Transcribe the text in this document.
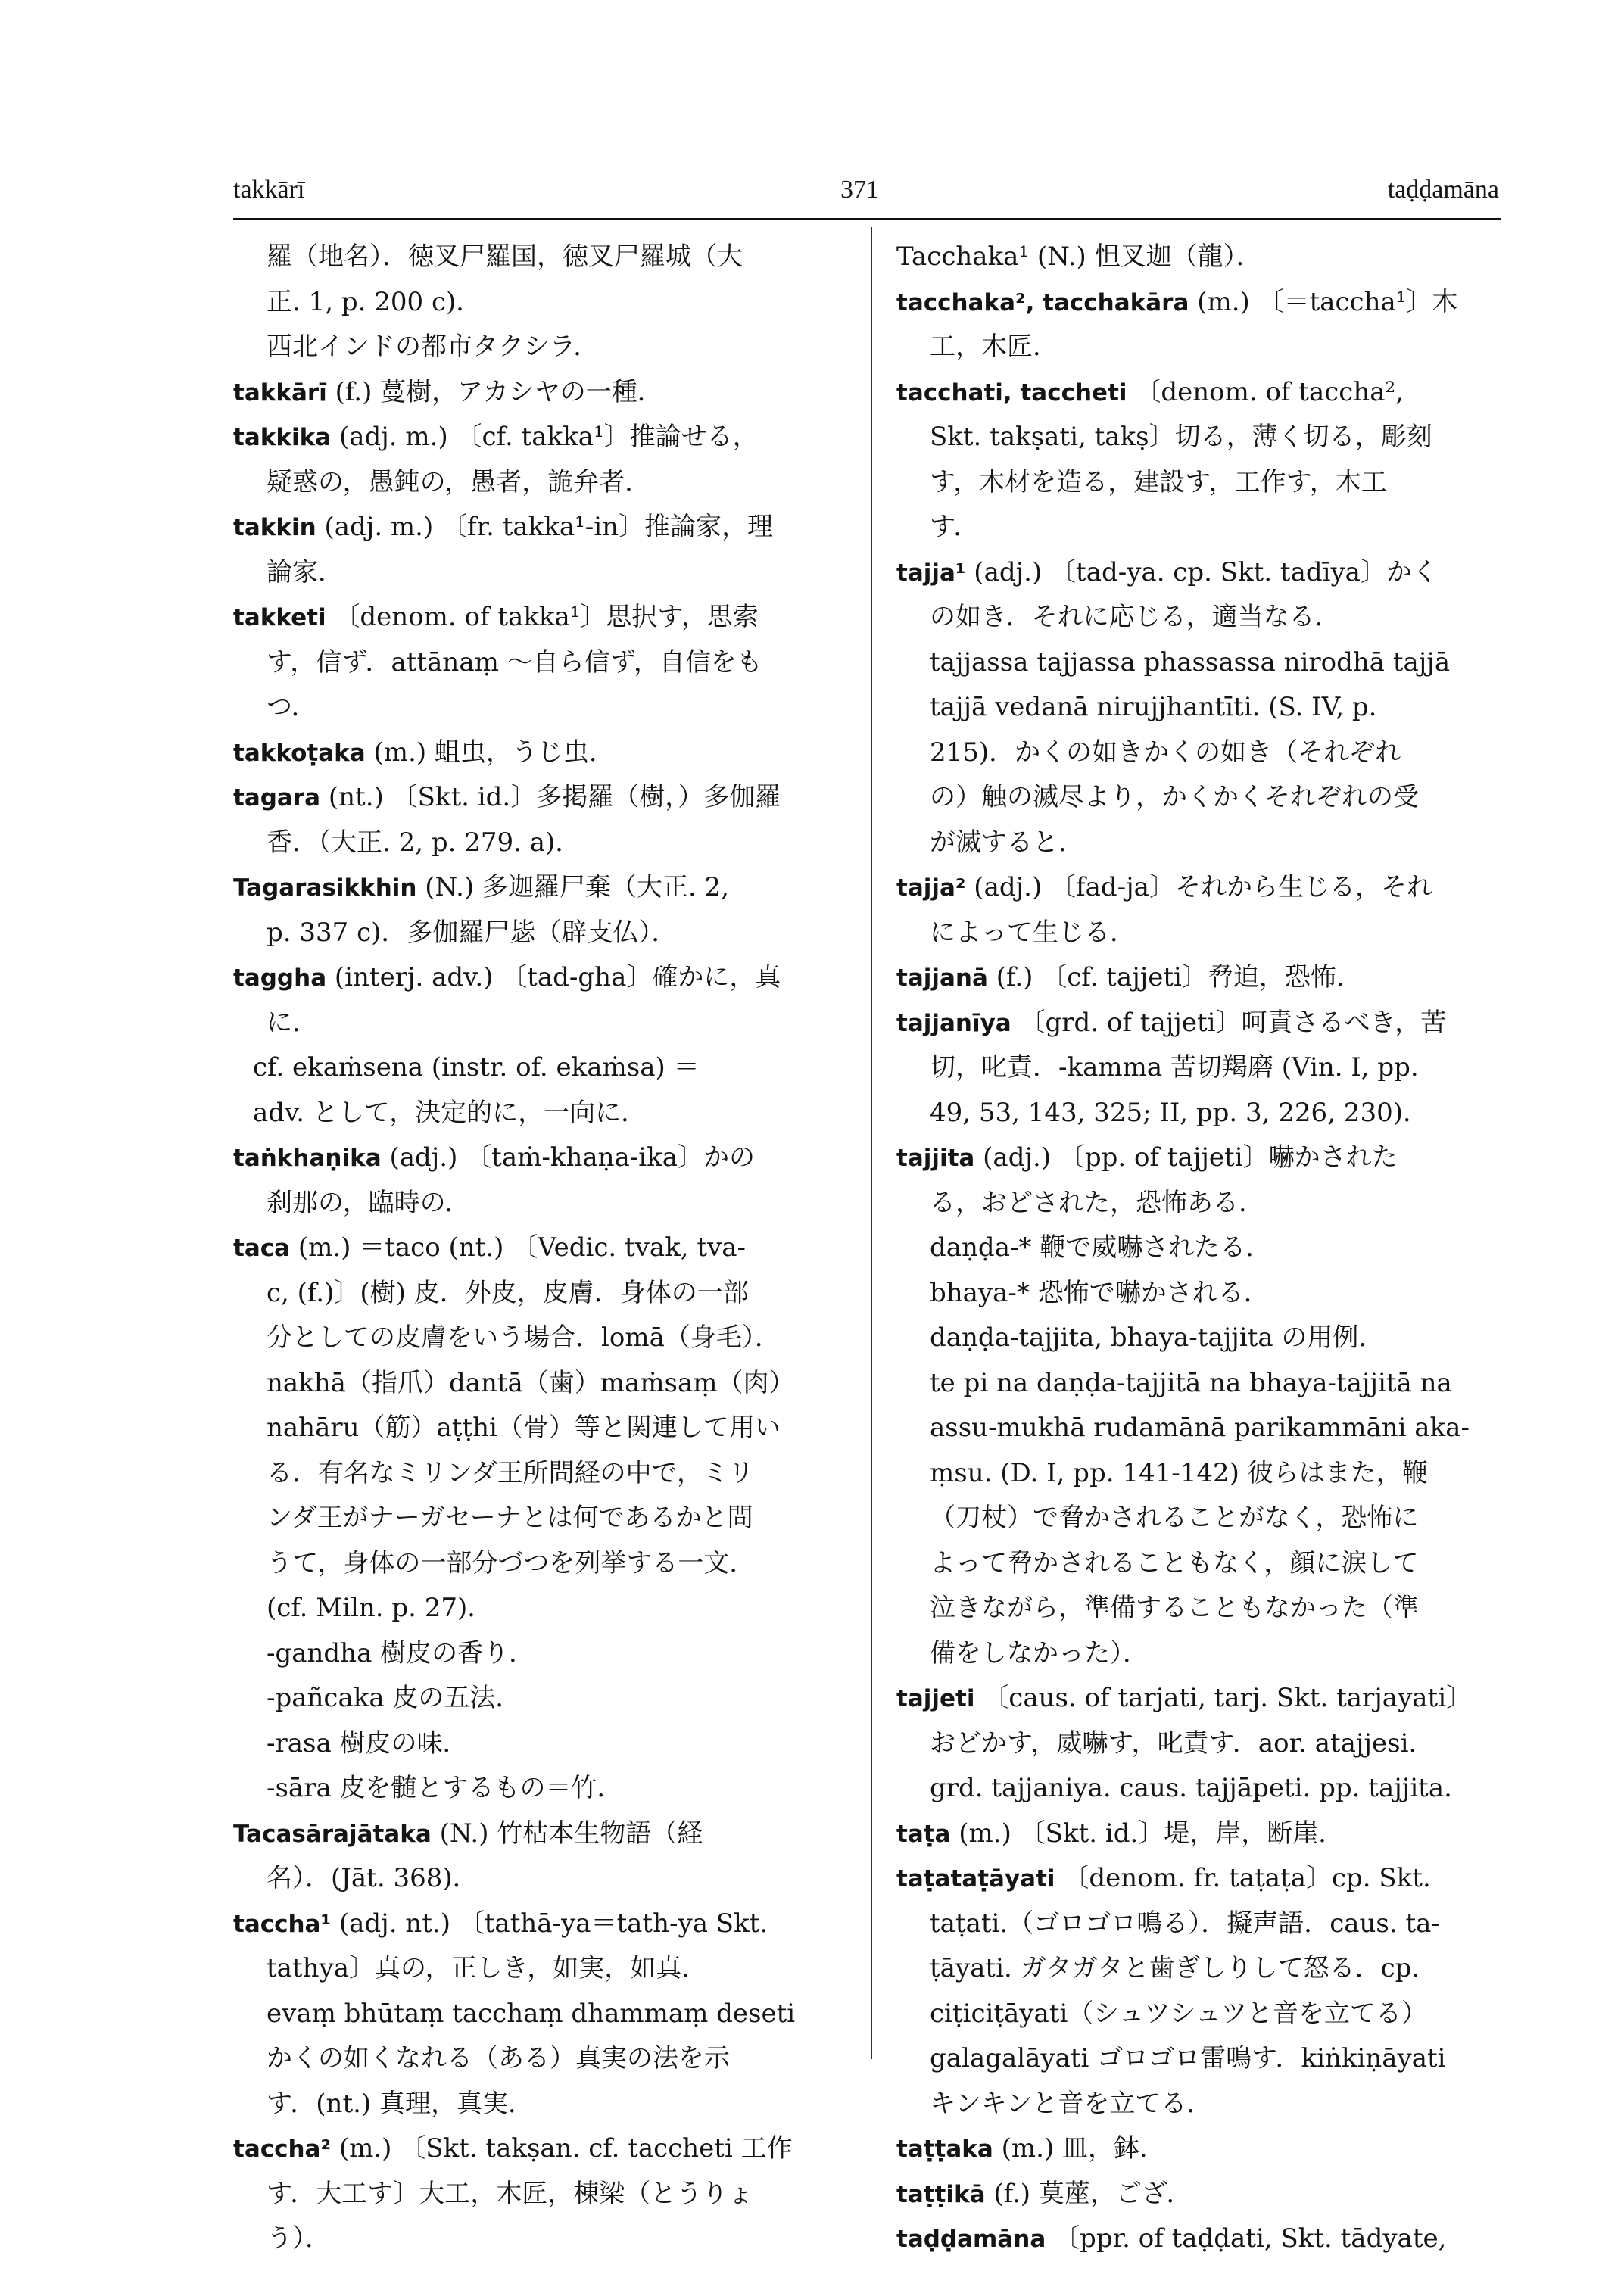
takkārī	371	taḍḍamāna
羅（地名）．徳叉尸羅国，徳叉尸羅城（大
正. 1, p. 200 c)．
西北インドの都市タクシラ．
takkārī (f.) 蔓樹，アカシヤの一種．
takkika (adj. m.) 〔cf. takka¹〕推論せる，
疑惑の，愚鈍の，愚者，詭弁者．
takkin (adj. m.) 〔fr. takka¹-in〕推論家，理
論家．
takketi 〔denom. of takka¹〕思択す，思索
す，信ず．attānaṃ ～自ら信ず，自信をも
つ．
takkoṭaka (m.) 蛆虫，うじ虫．
tagara (nt.) 〔Skt. id.〕多掲羅（樹，）多伽羅
香．（大正. 2, p. 279. a)．
Tagarasikkhin (N.) 多迦羅尸棄（大正. 2,
p. 337 c)．多伽羅尸毖（辟支仏）．
taggha (interj. adv.) 〔tad-gha〕確かに，真
に．
cf. ekaṁsena (instr. of. ekaṁsa) ＝
adv. として，決定的に，一向に．
taṅkhaṇika (adj.) 〔taṁ-khaṇa-ika〕かの
刹那の，臨時の．
taca (m.) ＝taco (nt.) 〔Vedic. tvak, tva-
c, (f.)〕(樹) 皮．外皮，皮膚．身体の一部
分としての皮膚をいう場合．lomā（身毛）．
nakhā（指爪）dantā（歯）maṁsaṃ（肉）
nahāru（筋）aṭṭhi（骨）等と関連して用い
る．有名なミリンダ王所問経の中で，ミリ
ンダ王がナーガセーナとは何であるかと問
うて，身体の一部分づつを列挙する一文．
(cf. Miln. p. 27)．
-gandha 樹皮の香り．
-pañcaka 皮の五法．
-rasa 樹皮の味．
-sāra 皮を髄とするもの＝竹．
Tacasārajātaka (N.) 竹枯本生物語（経
名）．(Jāt. 368)．
taccha¹ (adj. nt.) 〔tathā-ya＝tath-ya Skt.
tathya〕真の，正しき，如実，如真．
evaṃ bhūtaṃ tacchaṃ dhammaṃ deseti
かくの如くなれる（ある）真実の法を示
す．(nt.) 真理，真実．
taccha² (m.) 〔Skt. takṣan. cf. taccheti 工作
す．大工す〕大工，木匠，棟梁（とうりょ
う）．
Tacchaka¹ (N.) 怛叉迦（龍）．
tacchaka², tacchakāra (m.) 〔＝taccha¹〕木
工，木匠．
tacchati, taccheti 〔denom. of taccha²,
Skt. takṣati, takṣ〕切る，薄く切る，彫刻
す，木材を造る，建設す，工作す，木工
す．
tajja¹ (adj.) 〔tad-ya. cp. Skt. tadīya〕かく
の如き．それに応じる，適当なる．
tajjassa tajjassa phassassa nirodhā tajjā
tajjā vedanā nirujjhantīti. (S. IV, p.
215)．かくの如きかくの如き（それぞれ
の）触の滅尽より，かくかくそれぞれの受
が滅すると．
tajja² (adj.) 〔fad-ja〕それから生じる，それ
によって生じる．
tajjanā (f.) 〔cf. tajjeti〕脅迫，恐怖．
tajjanīya 〔grd. of tajjeti〕呵責さるべき，苦
切，叱責．-kamma 苦切羯磨 (Vin. I, pp.
49, 53, 143, 325; II, pp. 3, 226, 230)．
tajjita (adj.) 〔pp. of tajjeti〕嚇かされた
る，おどされた，恐怖ある．
daṇḍa-* 鞭で威嚇されたる．
bhaya-* 恐怖で嚇かされる．
daṇḍa-tajjita, bhaya-tajjita の用例．
te pi na daṇḍa-tajjitā na bhaya-tajjitā na
assu-mukhā rudamānā parikammāni aka-
ṃsu. (D. I, pp. 141-142) 彼らはまた，鞭
（刀杖）で脅かされることがなく，恐怖に
よって脅かされることもなく，顔に涙して
泣きながら，準備することもなかった（準
備をしなかった）．
tajjeti 〔caus. of tarjati, tarj. Skt. tarjayati〕
おどかす，威嚇す，叱責す．aor. atajjesi.
grd. tajjaniya. caus. tajjāpeti. pp. tajjita.
taṭa (m.) 〔Skt. id.〕堤，岸，断崖．
taṭataṭāyati 〔denom. fr. taṭaṭa〕cp. Skt.
taṭati.（ゴロゴロ鳴る）．擬声語．caus. ta-
ṭāyati. ガタガタと歯ぎしりして怒る．cp.
ciṭiciṭāyati（シュツシュツと音を立てる）
galagalāyati ゴロゴロ雷鳴す．kiṅkiṇāyati
キンキンと音を立てる．
taṭṭaka (m.) 皿，鉢．
taṭṭikā (f.) 莫蓙，ござ．
taḍḍamāna 〔ppr. of taḍḍati, Skt. tādyate,
